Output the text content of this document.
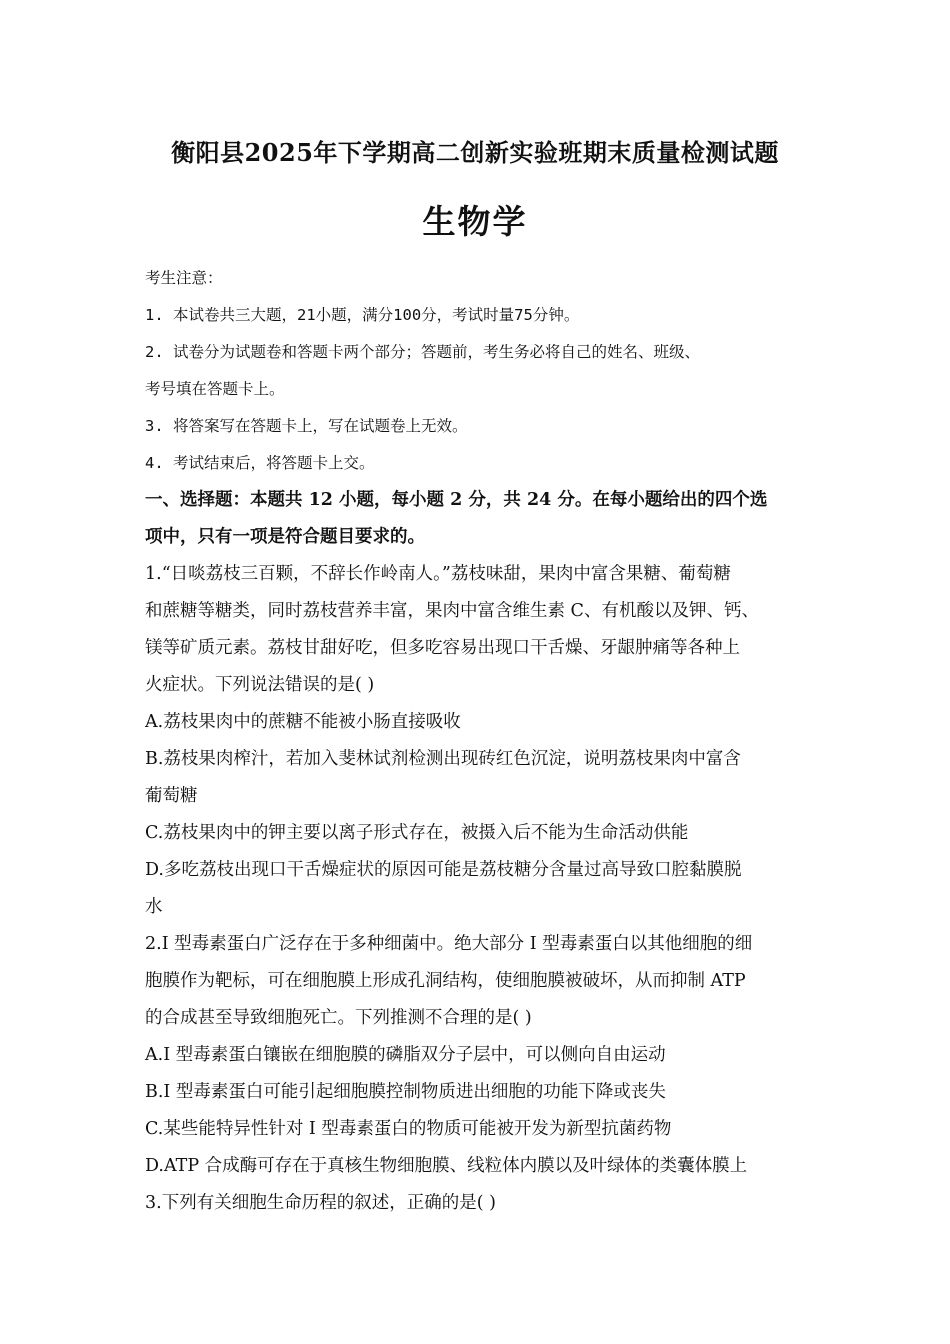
衡阳县2025年下学期高二创新实验班期末质量检测试题
生物学
考生注意：
1. 本试卷共三大题，21小题，满分100分，考试时量75分钟。
2. 试卷分为试题卷和答题卡两个部分；答题前，考生务必将自己的姓名、班级、
考号填在答题卡上。
3. 将答案写在答题卡上，写在试题卷上无效。
4. 考试结束后，将答题卡上交。
一、选择题：本题共 12 小题，每小题 2 分，共 24 分。在每小题给出的四个选
项中，只有一项是符合题目要求的。
1.“日啖荔枝三百颗，不辞长作岭南人。”荔枝味甜，果肉中富含果糖、葡萄糖
和蔗糖等糖类，同时荔枝营养丰富，果肉中富含维生素 C、有机酸以及钾、钙、
镁等矿质元素。荔枝甘甜好吃，但多吃容易出现口干舌燥、牙龈肿痛等各种上
火症状。下列说法错误的是( )
A.荔枝果肉中的蔗糖不能被小肠直接吸收
B.荔枝果肉榨汁，若加入斐林试剂检测出现砖红色沉淀，说明荔枝果肉中富含
葡萄糖
C.荔枝果肉中的钾主要以离子形式存在，被摄入后不能为生命活动供能
D.多吃荔枝出现口干舌燥症状的原因可能是荔枝糖分含量过高导致口腔黏膜脱
水
2.I 型毒素蛋白广泛存在于多种细菌中。绝大部分 I 型毒素蛋白以其他细胞的细
胞膜作为靶标，可在细胞膜上形成孔洞结构，使细胞膜被破坏，从而抑制 ATP
的合成甚至导致细胞死亡。下列推测不合理的是( )
A.I 型毒素蛋白镶嵌在细胞膜的磷脂双分子层中，可以侧向自由运动
B.I 型毒素蛋白可能引起细胞膜控制物质进出细胞的功能下降或丧失
C.某些能特异性针对 I 型毒素蛋白的物质可能被开发为新型抗菌药物
D.ATP 合成酶可存在于真核生物细胞膜、线粒体内膜以及叶绿体的类囊体膜上
3.下列有关细胞生命历程的叙述，正确的是( )
